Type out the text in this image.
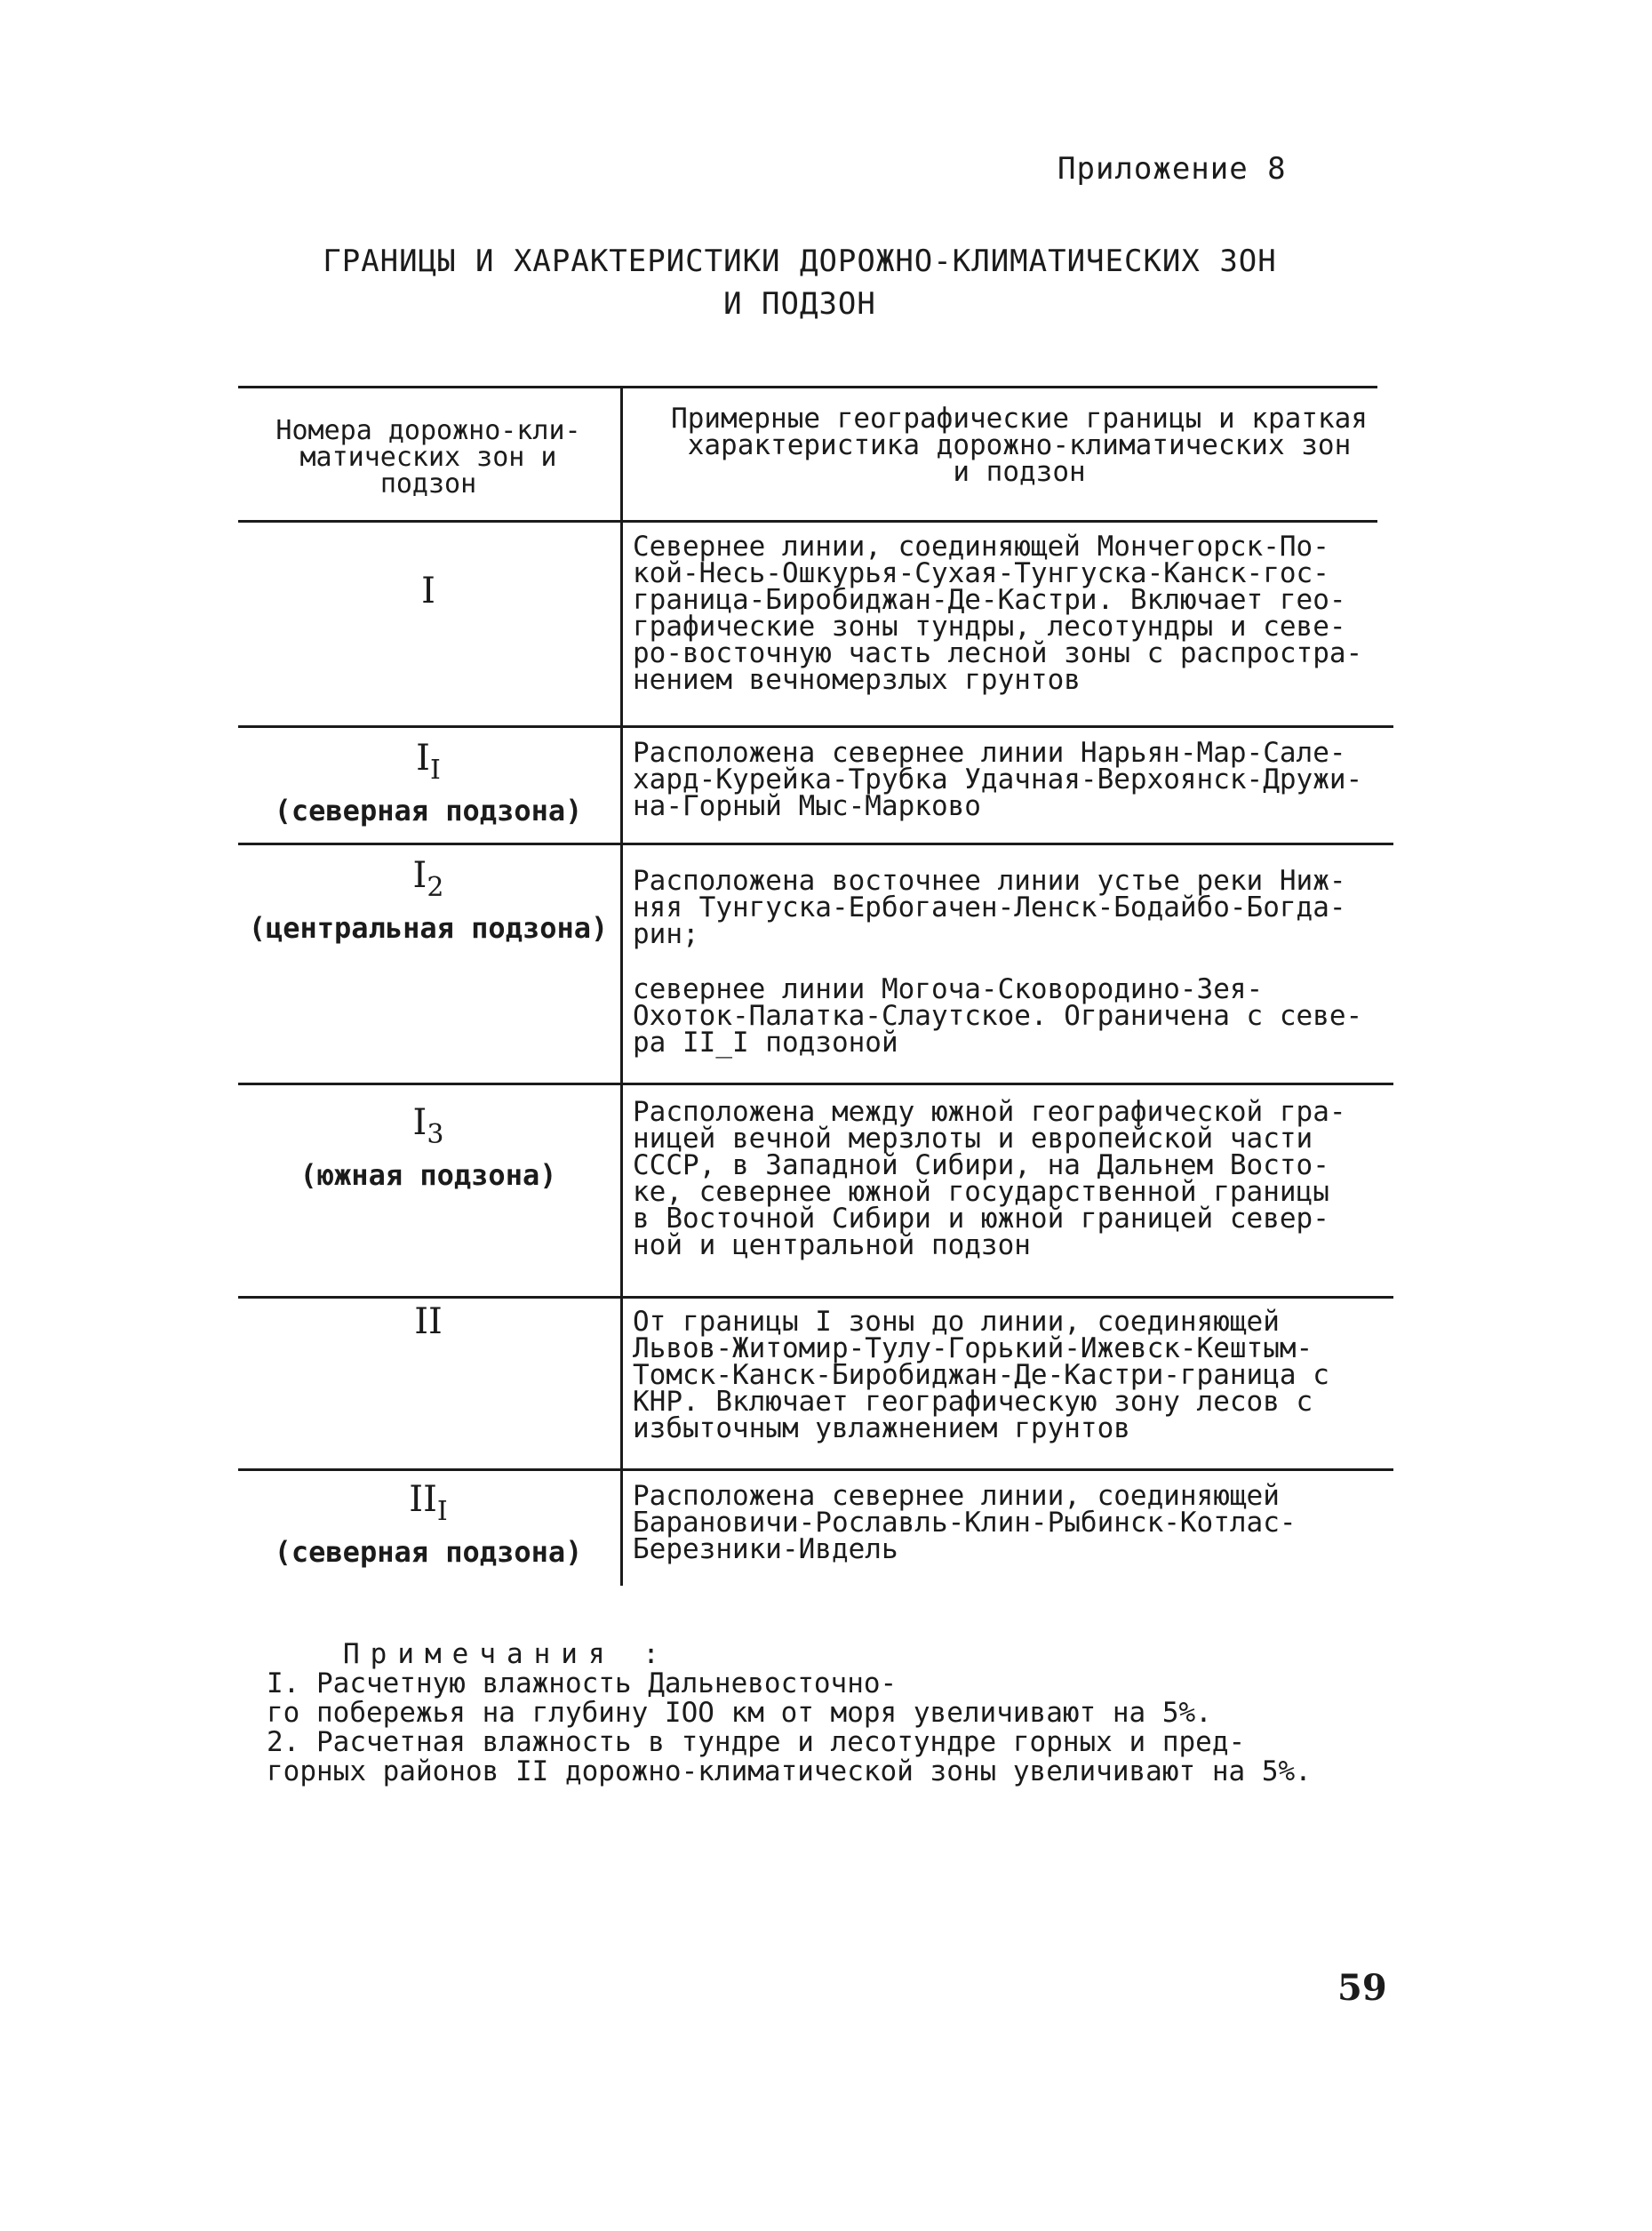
Приложение 8
ГРАНИЦЫ И ХАРАКТЕРИСТИКИ ДОРОЖНО-КЛИМАТИЧЕСКИХ ЗОН
И ПОДЗОН
Номера дорожно-кли-
матических зон и
подзон
Примерные географические границы и краткая
характеристика дорожно-климатических зон
и подзон
I
Севернее линии, соединяющей Мончегорск-По-
кой-Несь-Ошкурья-Сухая-Тунгуска-Канск-гос-
граница-Биробиджан-Де-Кастри. Включает гео-
графические зоны тундры, лесотундры и севе-
ро-восточную часть лесной зоны с распростра-
нением вечномерзлых грунтов
$I_I$
(северная подзона)
Расположена севернее линии Нарьян-Мар-Сале-
хард-Курейка-Трубка Удачная-Верхоянск-Дружи-
на-Горный Мыс-Марково
$I_2$
(центральная подзона)
Расположена восточнее линии устье реки Ниж-
няя Тунгуска-Ербогачен-Ленск-Бодайбо-Богда-
рин;
севернее линии Могоча-Сковородино-Зея-
Охоток-Палатка-Слаутское. Ограничена с севе-
ра II_I подзоной
$I_3$
(южная подзона)
Расположена между южной географической гра-
ницей вечной мерзлоты и европейской части
СССР, в Западной Сибири, на Дальнем Восто-
ке, севернее южной государственной границы
в Восточной Сибири и южной границей север-
ной и центральной подзон
II	От границы I зоны до линии, соединяющей
Львов-Житомир-Тулу-Горький-Ижевск-Кештым-
Томск-Канск-Биробиджан-Де-Кастри-граница с
КНР. Включает географическую зону лесов с
избыточным увлажнением грунтов
$II_I$
(северная подзона)
Расположена севернее линии, соединяющей
Барановичи-Рославль-Клин-Рыбинск-Котлас-
Березники-Ивдель

Примечания :
I. Расчетную влажность Дальневосточно-
го побережья на глубину IOO км от моря увеличивают на 5%.

2. Расчетная влажность в тундре и лесотундре горных и пред-
горных районов II дорожно-климатической зоны увеличивают на 5%.

59
